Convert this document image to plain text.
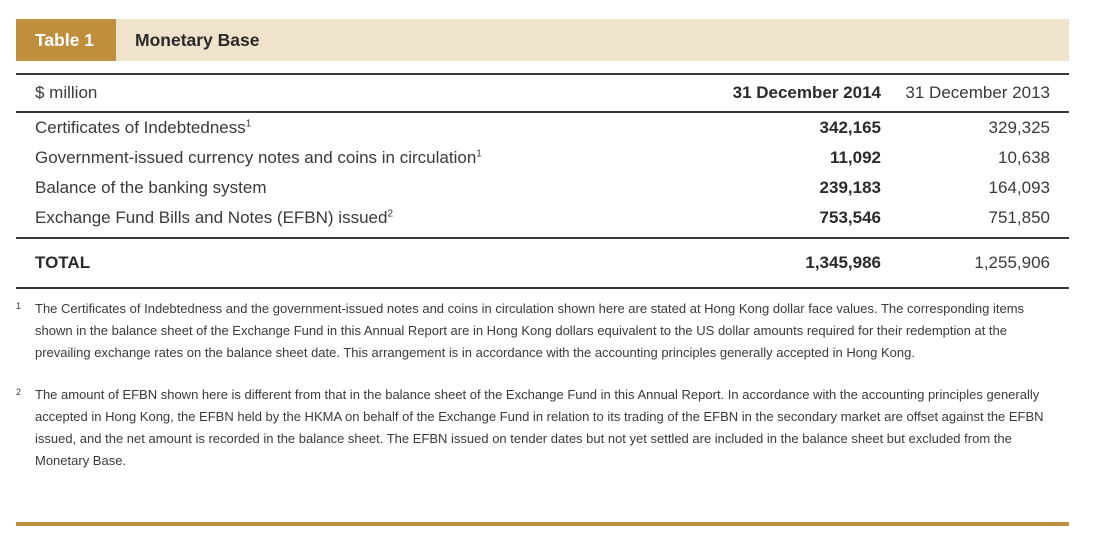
Table 1	Monetary Base
$ million	31 December 2014	31 December 2013
Certificates of Indebtedness$^1$	342,165	329,325
Government-issued currency notes and coins in circulation$^1$	11,092	10,638
Balance of the banking system	239,183	164,093
Exchange Fund Bills and Notes (EFBN) issued$^2$	753,546	751,850
TOTAL	1,345,986	1,255,906
1 The Certificates of Indebtedness and the government-issued notes and coins in circulation shown here are stated at Hong Kong dollar face values. The corresponding items shown in the balance sheet of the Exchange Fund in this Annual Report are in Hong Kong dollars equivalent to the US dollar amounts required for their redemption at the prevailing exchange rates on the balance sheet date. This arrangement is in accordance with the accounting principles generally accepted in Hong Kong.
2 The amount of EFBN shown here is different from that in the balance sheet of the Exchange Fund in this Annual Report. In accordance with the accounting principles generally accepted in Hong Kong, the EFBN held by the HKMA on behalf of the Exchange Fund in relation to its trading of the EFBN in the secondary market are offset against the EFBN issued, and the net amount is recorded in the balance sheet. The EFBN issued on tender dates but not yet settled are included in the balance sheet but excluded from the Monetary Base.
